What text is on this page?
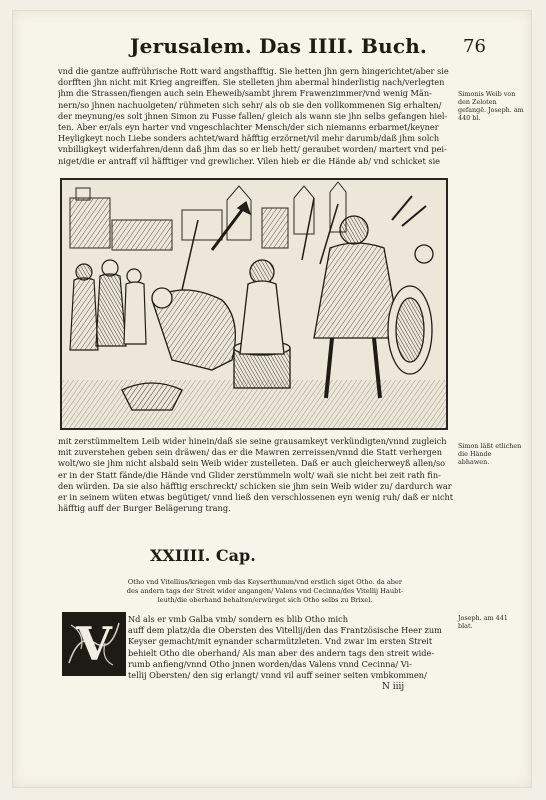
Jerusalem. Das IIII. Buch. 76
vnd die gantze auffrührische Rott ward angsthafftig. Sie hetten jhn gern hingerichtet/aber sie
dorfften jhn nicht mit Krieg angreiffen. Sie stelleten jhm abermal hinderlistig nach/verlegten
jhm die Strassen/fiengen auch sein Eheweib/sambt jhrem Frawenzimmer/vnd wenig Män-
nern/so jhnen nachuolgeten/ rühmeten sich sehr/ als ob sie den vollkommenen Sig erhalten/
der meynung/es solt jhnen Simon zu Fusse fallen/ gleich als wann sie jhn selbs gefangen hiel-
ten. Aber er/als eyn harter vnd vngeschlachter Mensch/der sich niemanns erbarmet/keyner
Heyligkeyt noch Liebe sonders achtet/ward häfftig erzörnet/vil mehr darumb/daß jhm solch
vnbilligkeyt widerfahren/denn daß jhm das so er lieb hett/ geraubet worden/ martert vnd pei-
niget/die er antraff vil häfftiger vnd grewlicher. Vilen hieb er die Hände ab/ vnd schicket sie
Simonis Weib von den Zeloten gefangē. Joseph. am 440 bl.
mit zerstümmeltem Leib wider hinein/daß sie seine grausamkeyt verkündigten/vnnd zugleich
mit zuverstehen geben sein dräwen/ das er die Mawren zerreissen/vnnd die Statt verhergen
wolt/wo sie jhm nicht alsbald sein Weib wider zustelleten. Daß er auch gleicherweyß allen/so
er in der Statt fände/die Hände vnd Glider zerstümmeln wolt/ wañ sie nicht bei zeit rath fin-
den würden. Da sie also häfftig erschreckt/ schicken sie jhm sein Weib wider zu/ dardurch war
er in seinem wüten etwas begütiget/ vnnd ließ den verschlossenen eyn wenig ruh/ daß er nicht
häfftig auff der Burger Belägerung trang.
Simon läßt etlichen die Hände abhawen.
XXIIII. Cap.
Otho vnd Vitellius/kriegen vmb das Keyserthumm/vnd erstlich siget Otho. da aber
des andern tags der Streit wider angangen/ Valens vnd Cecinna/des Vitellij Haubt-
leuth/die oberhand behalten/erwürget sich Otho selbs zu Brixel.
V	Nd als er vmb Galba vmb/ sondern es blib Otho mich
auff dem platz/da die Obersten des Vitellij/den das Frantzösische Heer zum
Keyser gemacht/mit eynander scharmützleten. Vnd zwar im ersten Streit
behielt Otho die oberhand/ Als man aber des andern tags den streit wide-
rumb anfieng/vnnd Otho jnnen worden/das Valens vnnd Cecinna/ Vi-
tellij Obersten/ den sig erlangt/ vnnd vil auff seiner seiten vmbkommen/
Joseph. am 441 blat.
N iiij
